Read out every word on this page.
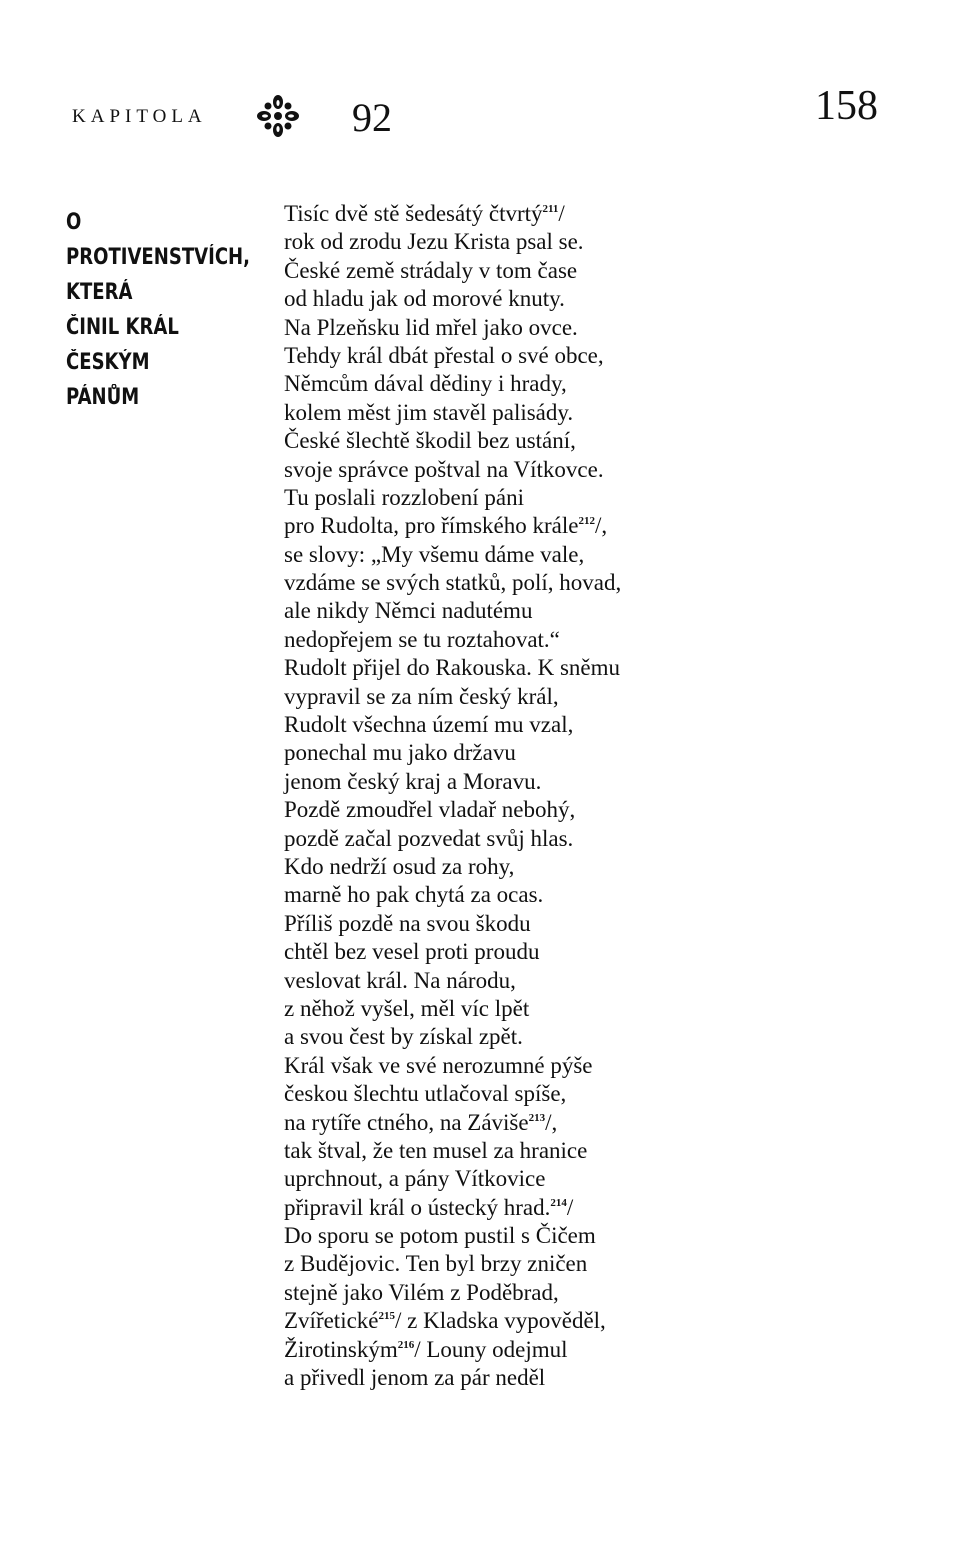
KAPITOLA	92	158
O
PROTIVENSTVÍCH,
KTERÁ
ČINIL KRÁL
ČESKÝM
PÁNŮM
Tisíc dvě stě šedesátý čtvrtý$^{211}$/
rok od zrodu Jezu Krista psal se.
České země strádaly v tom čase
od hladu jak od morové knuty.
Na Plzeňsku lid mřel jako ovce.
Tehdy král dbát přestal o své obce,
Němcům dával dědiny i hrady,
kolem měst jim stavěl palisády.
České šlechtě škodil bez ustání,
svoje správce poštval na Vítkovce.
Tu poslali rozzlobení páni
pro Rudolta, pro římského krále$^{212}$/,
se slovy: „My všemu dáme vale,
vzdáme se svých statků, polí, hovad,
ale nikdy Němci nadutému
nedopřejem se tu roztahovat.“
Rudolt přijel do Rakouska. K sněmu
vypravil se za ním český král,
Rudolt všechna území mu vzal,
ponechal mu jako državu
jenom český kraj a Moravu.
Pozdě zmoudřel vladař nebohý,
pozdě začal pozvedat svůj hlas.
Kdo nedrží osud za rohy,
marně ho pak chytá za ocas.
Příliš pozdě na svou škodu
chtěl bez vesel proti proudu
veslovat král. Na národu,
z něhož vyšel, měl víc lpět
a svou čest by získal zpět.
Král však ve své nerozumné pýše
českou šlechtu utlačoval spíše,
na rytíře ctného, na Záviše$^{213}$/,
tak štval, že ten musel za hranice
uprchnout, a pány Vítkovice
připravil král o ústecký hrad.$^{214}$/
Do sporu se potom pustil s Čičem
z Budějovic. Ten byl brzy zničen
stejně jako Vilém z Poděbrad,
Zvířetické$^{215}$/ z Kladska vypověděl,
Žirotinským$^{216}$/ Louny odejmul
a přivedl jenom za pár neděl
